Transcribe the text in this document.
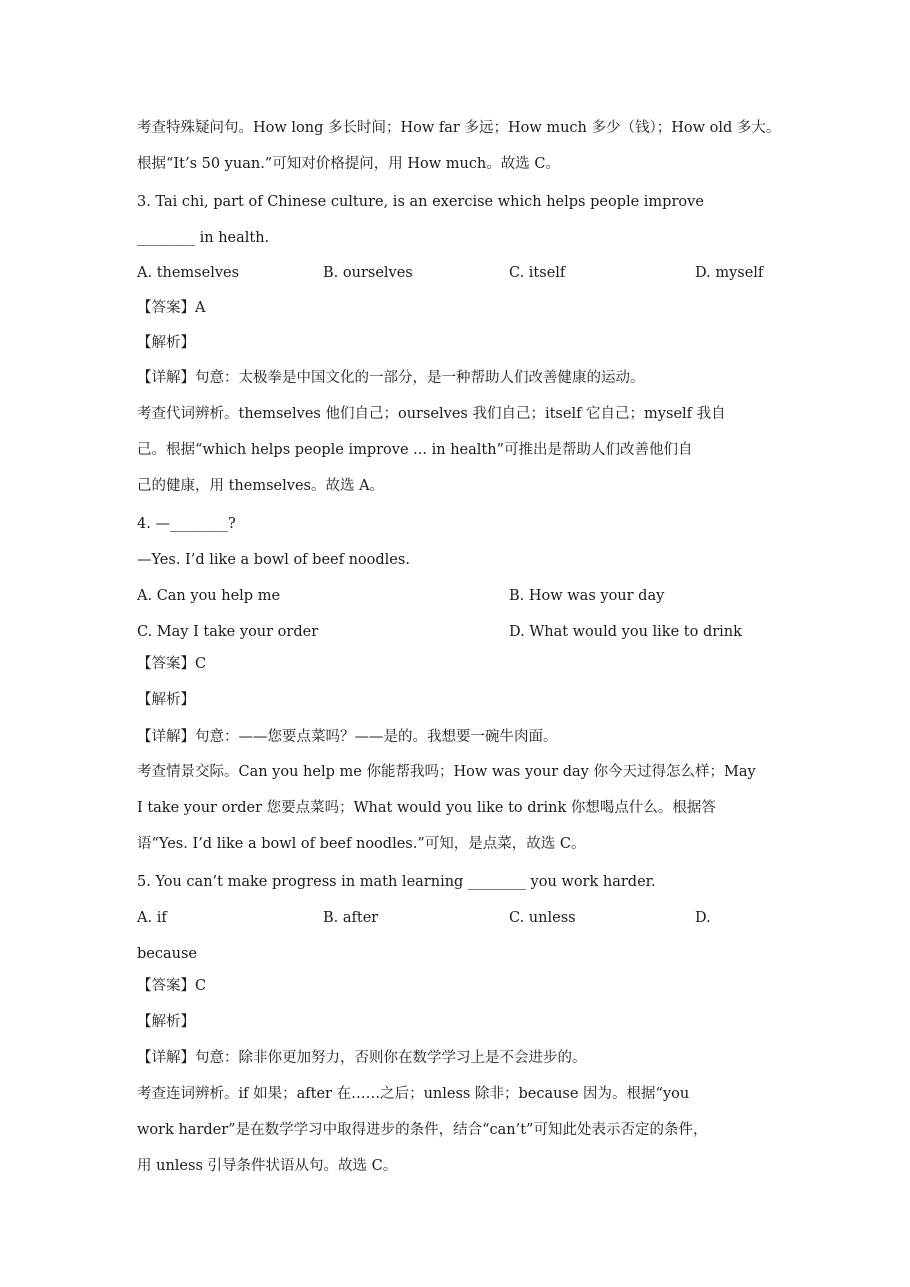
考查特殊疑问句。How long 多长时间；How far 多远；How much 多少（钱）；How old 多大。
根据“It’s 50 yuan.”可知对价格提问，用 How much。故选 C。
3. Tai chi, part of Chinese culture, is an exercise which helps people improve
________ in health.
A. themselves	B. ourselves	C. itself	D. myself
【答案】A
【解析】
【详解】句意：太极拳是中国文化的一部分，是一种帮助人们改善健康的运动。
考查代词辨析。themselves 他们自己；ourselves 我们自己；itself 它自己；myself 我自
己。根据“which helps people improve ... in health”可推出是帮助人们改善他们自
己的健康，用 themselves。故选 A。
4. —________?
—Yes. I’d like a bowl of beef noodles.
A. Can you help me	B. How was your day
C. May I take your order	D. What would you like to drink
【答案】C
【解析】
【详解】句意：——您要点菜吗？——是的。我想要一碗牛肉面。
考查情景交际。Can you help me 你能帮我吗；How was your day 你今天过得怎么样；May
I take your order 您要点菜吗；What would you like to drink 你想喝点什么。根据答
语“Yes. I’d like a bowl of beef noodles.”可知，是点菜，故选 C。
5. You can’t make progress in math learning ________ you work harder.
A. if	B. after	C. unless	D.
because
【答案】C
【解析】
【详解】句意：除非你更加努力，否则你在数学学习上是不会进步的。
考查连词辨析。if 如果；after 在……之后；unless 除非；because 因为。根据“you
work harder”是在数学学习中取得进步的条件，结合“can’t”可知此处表示否定的条件，
用 unless 引导条件状语从句。故选 C。
